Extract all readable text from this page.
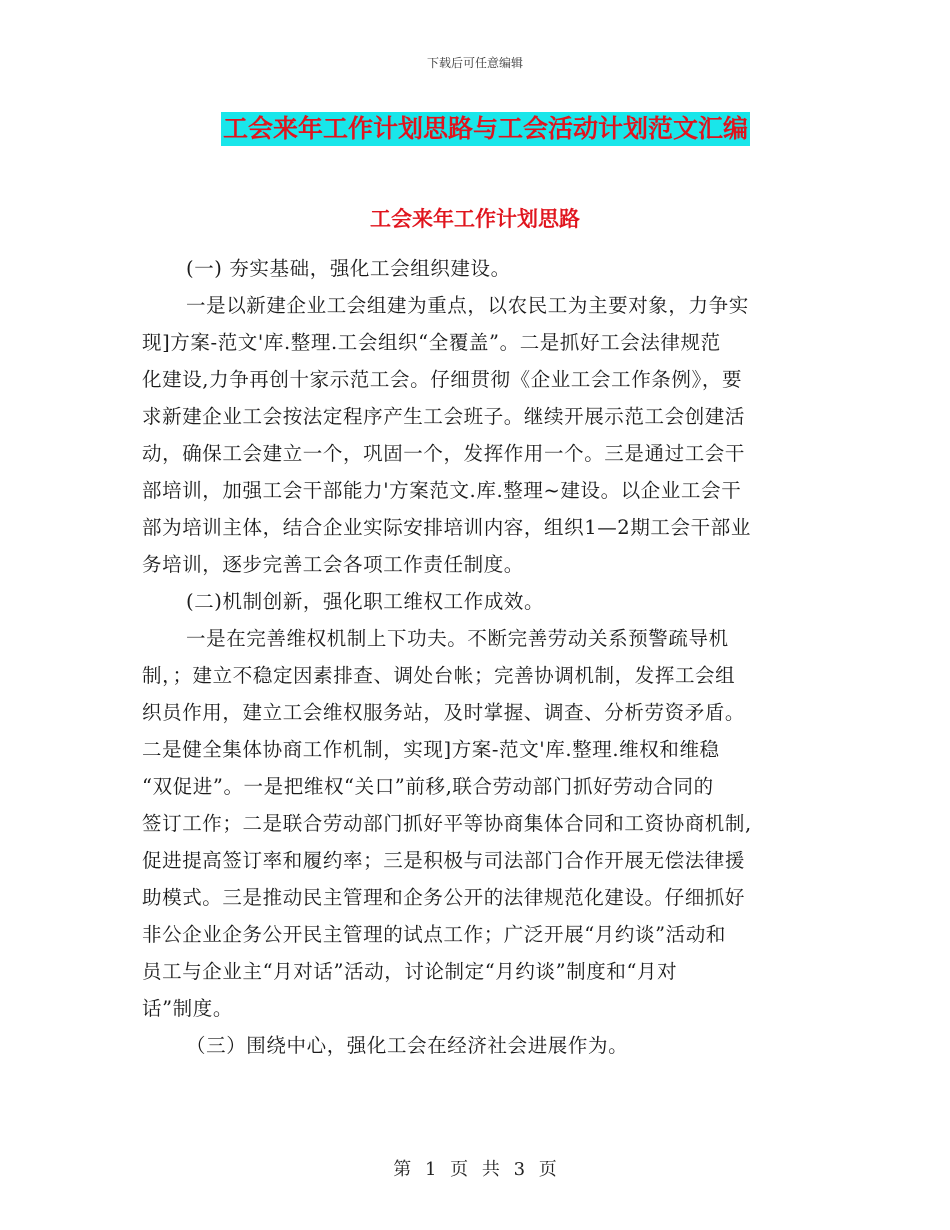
下载后可任意编辑
工会来年工作计划思路与工会活动计划范文汇编
工会来年工作计划思路
(一) 夯实基础，强化工会组织建设。
一是以新建企业工会组建为重点，以农民工为主要对象，力争实
现]方案-范文'库.整理.工会组织“全覆盖”。二是抓好工会法律规范
化建设,力争再创十家示范工会。仔细贯彻《企业工会工作条例》，要
求新建企业工会按法定程序产生工会班子。继续开展示范工会创建活
动，确保工会建立一个，巩固一个，发挥作用一个。三是通过工会干
部培训，加强工会干部能力'方案范文.库.整理~建设。以企业工会干
部为培训主体，结合企业实际安排培训内容，组织1—2期工会干部业
务培训，逐步完善工会各项工作责任制度。
(二)机制创新，强化职工维权工作成效。
一是在完善维权机制上下功夫。不断完善劳动关系预警疏导机
制，；建立不稳定因素排查、调处台帐；完善协调机制，发挥工会组
织员作用，建立工会维权服务站，及时掌握、调查、分析劳资矛盾。
二是健全集体协商工作机制，实现]方案-范文'库.整理.维权和维稳
“双促进”。一是把维权“关口”前移,联合劳动部门抓好劳动合同的
签订工作；二是联合劳动部门抓好平等协商集体合同和工资协商机制,
促进提高签订率和履约率；三是积极与司法部门合作开展无偿法律援
助模式。三是推动民主管理和企务公开的法律规范化建设。仔细抓好
非公企业企务公开民主管理的试点工作；广泛开展“月约谈”活动和
员工与企业主“月对话”活动，讨论制定“月约谈”制度和“月对
话”制度。
（三）围绕中心，强化工会在经济社会进展作为。
第 1 页 共 3 页
